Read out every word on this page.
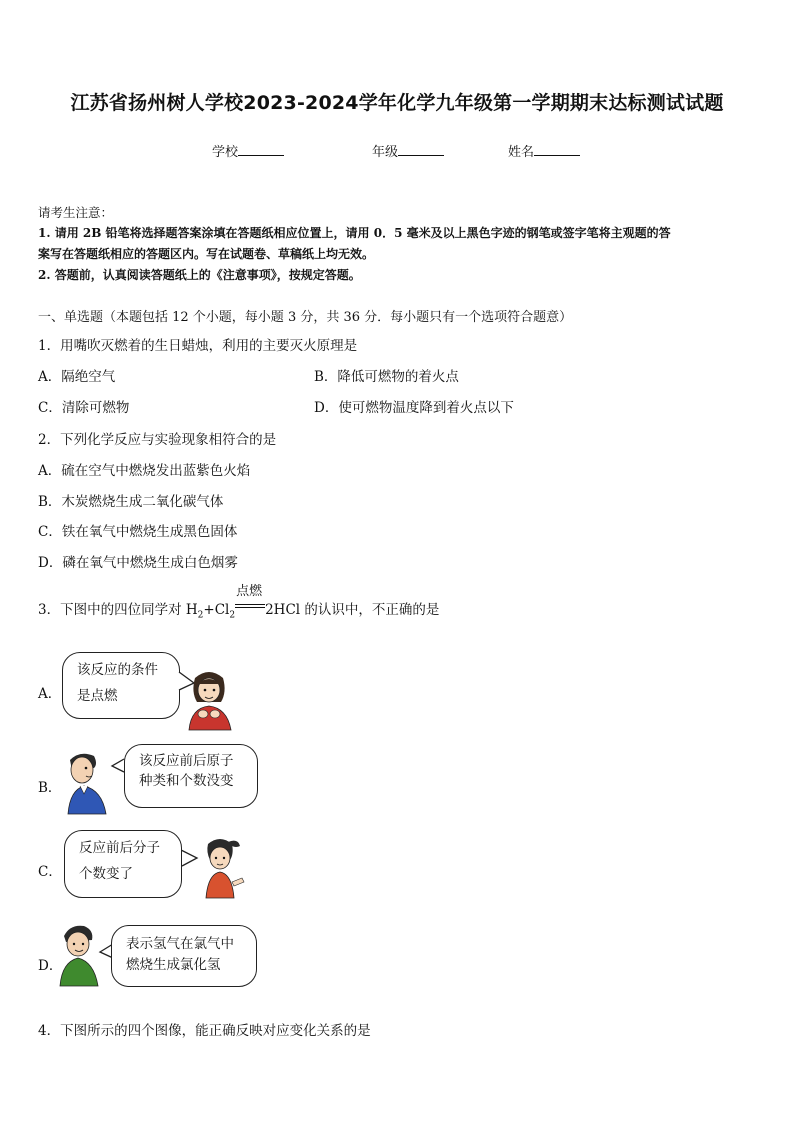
江苏省扬州树人学校2023-2024学年化学九年级第一学期期末达标测试试题
学校	年级	姓名
请考生注意：
1. 请用 2B 铅笔将选择题答案涂填在答题纸相应位置上，请用 0．5 毫米及以上黑色字迹的钢笔或签字笔将主观题的答
案写在答题纸相应的答题区内。写在试题卷、草稿纸上均无效。
2. 答题前，认真阅读答题纸上的《注意事项》，按规定答题。
一、单选题（本题包括 12 个小题，每小题 3 分，共 36 分．每小题只有一个选项符合题意）
1．用嘴吹灭燃着的生日蜡烛，利用的主要灭火原理是
A．隔绝空气	B．降低可燃物的着火点
C．清除可燃物	D．使可燃物温度降到着火点以下
2．下列化学反应与实验现象相符合的是
A．硫在空气中燃烧发出蓝紫色火焰
B．木炭燃烧生成二氧化碳气体
C．铁在氧气中燃烧生成黑色固体
D．磷在氧气中燃烧生成白色烟雾
3．下图中的四位同学对 $H_2+Cl_2$
点燃
2HCl 的认识中，不正确的是
A．
该反应的条件
是点燃
B．
该反应前后原子
种类和个数没变
C．
反应前后分子
个数变了
D．
表示氢气在氯气中
燃烧生成氯化氢
4．下图所示的四个图像，能正确反映对应变化关系的是
